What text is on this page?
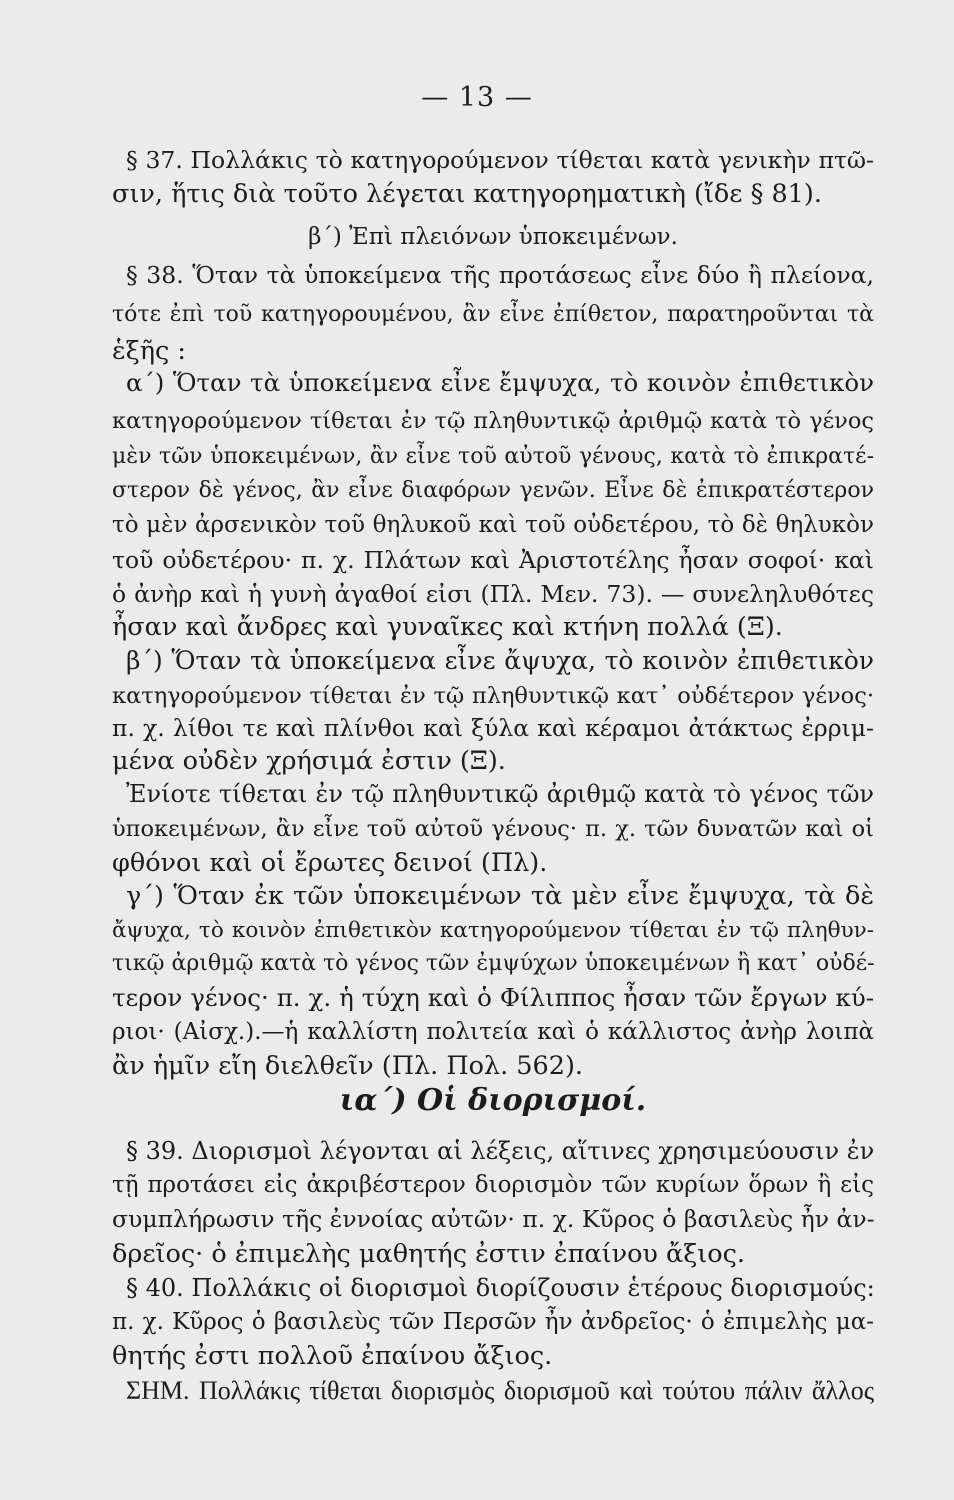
— 13 —
§ 37. Πολλάκις τὸ κατηγορούμενον τίθεται κατὰ γενικὴν πτῶ-
σιν, ἥτις διὰ τοῦτο λέγεται κατηγορηματικὴ (ἴδε § 81).
β΄) Ἐπὶ πλειόνων ὑποκειμένων.
§ 38. Ὅταν τὰ ὑποκείμενα τῆς προτάσεως εἶνε δύο ἢ πλείονα,
τότε ἐπὶ τοῦ κατηγορουμένου, ἂν εἶνε ἐπίθετον, παρατηροῦνται τὰ
ἑξῆς :
α΄) Ὅταν τὰ ὑποκείμενα εἶνε ἔμψυχα, τὸ κοινὸν ἐπιθετικὸν
κατηγορούμενον τίθεται ἐν τῷ πληθυντικῷ ἀριθμῷ κατὰ τὸ γένος
μὲν τῶν ὑποκειμένων, ἂν εἶνε τοῦ αὐτοῦ γένους, κατὰ τὸ ἐπικρατέ-
στερον δὲ γένος, ἂν εἶνε διαφόρων γενῶν. Εἶνε δὲ ἐπικρατέστερον
τὸ μὲν ἀρσενικὸν τοῦ θηλυκοῦ καὶ τοῦ οὐδετέρου, τὸ δὲ θηλυκὸν
τοῦ οὐδετέρου· π. χ. Πλάτων καὶ Ἀριστοτέλης ἦσαν σοφοί· καὶ
ὁ ἀνὴρ καὶ ἡ γυνὴ ἀγαθοί εἰσι (Πλ. Μεν. 73). — συνεληλυθότες
ἦσαν καὶ ἄνδρες καὶ γυναῖκες καὶ κτήνη πολλά (Ξ).
β΄) Ὅταν τὰ ὑποκείμενα εἶνε ἄψυχα, τὸ κοινὸν ἐπιθετικὸν
κατηγορούμενον τίθεται ἐν τῷ πληθυντικῷ κατ᾽ οὐδέτερον γένος·
π. χ. λίθοι τε καὶ πλίνθοι καὶ ξύλα καὶ κέραμοι ἀτάκτως ἐρριμ-
μένα οὐδὲν χρήσιμά ἐστιν (Ξ).
Ἐνίοτε τίθεται ἐν τῷ πληθυντικῷ ἀριθμῷ κατὰ τὸ γένος τῶν
ὑποκειμένων, ἂν εἶνε τοῦ αὐτοῦ γένους· π. χ. τῶν δυνατῶν καὶ οἱ
φθόνοι καὶ οἱ ἔρωτες δεινοί (Πλ).
γ΄) Ὅταν ἐκ τῶν ὑποκειμένων τὰ μὲν εἶνε ἔμψυχα, τὰ δὲ
ἄψυχα, τὸ κοινὸν ἐπιθετικὸν κατηγορούμενον τίθεται ἐν τῷ πληθυν-
τικῷ ἀριθμῷ κατὰ τὸ γένος τῶν ἐμψύχων ὑποκειμένων ἢ κατ᾽ οὐδέ-
τερον γένος· π. χ. ἡ τύχη καὶ ὁ Φίλιππος ἦσαν τῶν ἔργων κύ-
ριοι· (Αἰσχ.).—ἡ καλλίστη πολιτεία καὶ ὁ κάλλιστος ἀνὴρ λοιπὰ
ἂν ἡμῖν εἴη διελθεῖν (Πλ. Πολ. 562).
ια΄) Οἱ διορισμοί.
§ 39. Διορισμοὶ λέγονται αἱ λέξεις, αἵτινες χρησιμεύουσιν ἐν
τῇ προτάσει εἰς ἀκριβέστερον διορισμὸν τῶν κυρίων ὅρων ἢ εἰς
συμπλήρωσιν τῆς ἐννοίας αὐτῶν· π. χ. Κῦρος ὁ βασιλεὺς ἦν ἀν-
δρεῖος· ὁ ἐπιμελὴς μαθητής ἐστιν ἐπαίνου ἄξιος.
§ 40. Πολλάκις οἱ διορισμοὶ διορίζουσιν ἑτέρους διορισμούς:
π. χ. Κῦρος ὁ βασιλεὺς τῶν Περσῶν ἦν ἀνδρεῖος· ὁ ἐπιμελὴς μα-
θητής ἐστι πολλοῦ ἐπαίνου ἄξιος.
ΣΗΜ. Πολλάκις τίθεται διορισμὸς διορισμοῦ καὶ τούτου πάλιν ἄλλος
